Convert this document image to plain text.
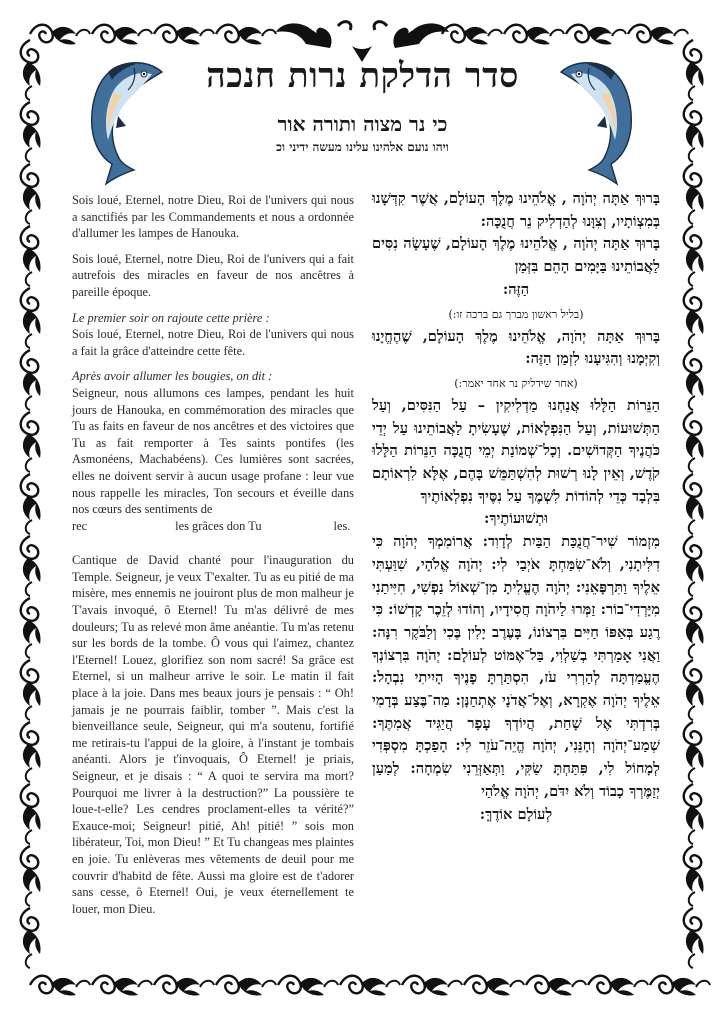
סדר הדלקת נרות חנכה
כי נר מצוה ותורה אור
ויהו נועם אלהינו עלינו מעשה ידיני וכ

Sois loué, Eternel, notre Dieu, Roi de l'univers qui nous a sanctifiés par les Commandements et nous a ordonnée d'allumer les lampes de Hanouka.

Sois loué, Eternel, notre Dieu, Roi de l'univers qui a fait autrefois des miracles en faveur de nos ancêtres à pareille époque.

Le premier soir on rajoute cette prière :
Sois loué, Eternel, notre Dieu, Roi de l'univers qui nous a fait la grâce d'atteindre cette fête.

Après avoir allumer les bougies, on dit :
Seigneur, nous allumons ces lampes, pendant les huit jours de Hanouka, en commémoration des miracles que Tu as faits en faveur de nos ancêtres et des victoires que Tu as fait remporter à Tes saints pontifes (les Asmonéens, Machabéens). Ces lumières sont sacrées, elles ne doivent servir à aucun usage profane : leur vue nous rappelle les miracles, Ton secours et éveille dans nos cœurs des sentiments de
rec	les grâces don Tu	les.

Cantique de David chanté pour l'inauguration du Temple. Seigneur, je veux T'exalter. Tu as eu pitié de ma misère, mes ennemis ne jouiront plus de mon malheur je T'avais invoqué, ô Eternel! Tu m'as délivré de mes douleurs; Tu as relevé mon âme anéantie. Tu m'as retenu sur les bords de la tombe. Ô vous qui l'aimez, chantez l'Eternel! Louez, glorifiez son nom sacré! Sa grâce est Eternel, si un malheur arrive le soir. Le matin il fait place à la joie. Dans mes beaux jours je pensais : “ Oh! jamais je ne pourrais faiblir, tomber ”. Mais c'est la bienveillance seule, Seigneur, qui m'a soutenu, fortifié me retirais-tu l'appui de la gloire, à l'instant je tombais anéanti. Alors je t'invoquais, Ô Eternel! je priais, Seigneur, et je disais : “ A quoi te servira ma mort? Pourquoi me livrer à la destruction?” La poussière te loue-t-elle? Les cendres proclament-elles ta vérité?” Exauce-moi; Seigneur! pitié, Ah! pitié! ” sois mon libérateur, Toi, mon Dieu! ” Et Tu changeas mes plaintes en joie. Tu enlèveras mes vêtements de deuil pour me couvrir d'habitd de fête. Aussi ma gloire est de t'adorer sans cesse, ô Eternel! Oui, je veux éternellement te louer, mon Dieu.

בָּרוּךְ אַתָּה יְהֹוָה , אֱלֹהֵינוּ מֶלֶךְ הָעוֹלָם, אֲשֶׁר קִדְּשָׁנוּ בְּמִצְוֹתָיו, וְצִוָּנוּ לְהַדְלִיק נֵר חֲנֻכָּה:

בָּרוּךְ אַתָּה יְהֹוָה , אֱלֹהֵינוּ מֶלֶךְ הָעוֹלָם, שֶׁעָשָׂה נִסִּים לַאֲבוֹתֵינוּ בַּיָּמִים הָהֵם בִּזְּמַן

הַזֶּה:

(בליל ראשון מברך גם ברכה זו:)

בָּרוּךְ אַתָּה יְהֹוָה, אֱלֹהֵינוּ מֶלֶךְ הָעוֹלָם, שֶׁהֶחֱיָנוּ וְקִיְּמָנוּ וְהִגִּיעָנוּ לִזְמַן הַזֶּה:

(אחר שידליק נר אחד יאמר:)

הַנֵּרוֹת הַלָּלוּ אֲנַחְנוּ מַדְלִיקִין – עַל הַנִּסִּים, וְעַל הַתְּשׁוּעוֹת, וְעַל הַנִּפְלָאוֹת, שֶׁעָשִׂיתָ לַאֲבוֹתֵינוּ עַל יְדֵי כֹּהֲנֶיךָ הַקְּדוֹשִׁים. וְכָל־שְׁמוֹנַת יְמֵי חֲנֻכָּה הַנֵּרוֹת הַלָּלוּ קֹדֶשׁ, וְאֵין לָנוּ רְשׁוּת לְהִשְׁתַּמֵּשׁ בָּהֶם, אֶלָּא לִרְאוֹתָם בִּלְבָד כְּדֵי לְהוֹדוֹת לִשְׁמֶךָ עַל נִסֶּיךָ נִפְלְאוֹתֶיךָ

וּתְשׁוּעוֹתֶיךָ:

מִזְמוֹר שִׁיר־חֲנֻכַּת הַבַּיִת לְדָוִד: אֲרוֹמִמְךָ יְהֹוָה כִּי דִלִּיתָנִי, וְלֹא־שִׂמַּחְתָּ אֹיְבַי לִי: יְהֹוָה אֱלֹהָי, שִׁוַּעְתִּי אֵלֶיךָ וַתִּרְפָּאֵנִי: יְהֹוָה הֶעֱלִיתָ מִן־שְׁאוֹל נַפְשִׁי, חִיִּיתַנִי מִיָּרְדִי־בוֹר: זַמְּרוּ לַיהֹוָה חֲסִידָיו, וְהוֹדוּ לְזֵכֶר קָדְשׁוֹ: כִּי רֶגַע בְּאַפּוֹ חַיִּים בִּרְצוֹנוֹ, בָּעֶרֶב יָלִין בֶּכִי וְלַבֹּקֶר רִנָּה: וַאֲנִי אָמַרְתִּי בְשַׁלְוִי, בַּל־אֶמּוֹט לְעוֹלָם: יְהֹוָה בִּרְצוֹנְךָ הֶעֱמַדְתָּה לְהַרְרִי עֹז, הִסְתַּרְתָּ פָנֶיךָ הָיִיתִי נִבְהָל: אֵלֶיךָ יְהֹוָה אֶקְרָא, וְאֶל־אֲדֹנָי אֶתְחַנָּן: מַה־בֶּצַע בְּדָמִי בְּרִדְתִּי אֶל שָׁחַת, הֲיוֹדְךָ עָפָר הֲיַגִּיד אֲמִתֶּךָ: שְׁמַע־יְהֹוָה וְחָנֵּנִי, יְהֹוָה הֱיֵה־עֹזֵר לִי: הָפַכְתָּ מִסְפְּדִי לְמָחוֹל לִי, פִּתַּחְתָּ שַׂקִּי, וַתְּאַזְּרֵנִי שִׂמְחָה: לְמַעַן יְזַמֶּרְךָ כָבוֹד וְלֹא יִדֹּם, יְהֹוָה אֱלֹהַי

לְעוֹלָם אוֹדֶךָּ:
